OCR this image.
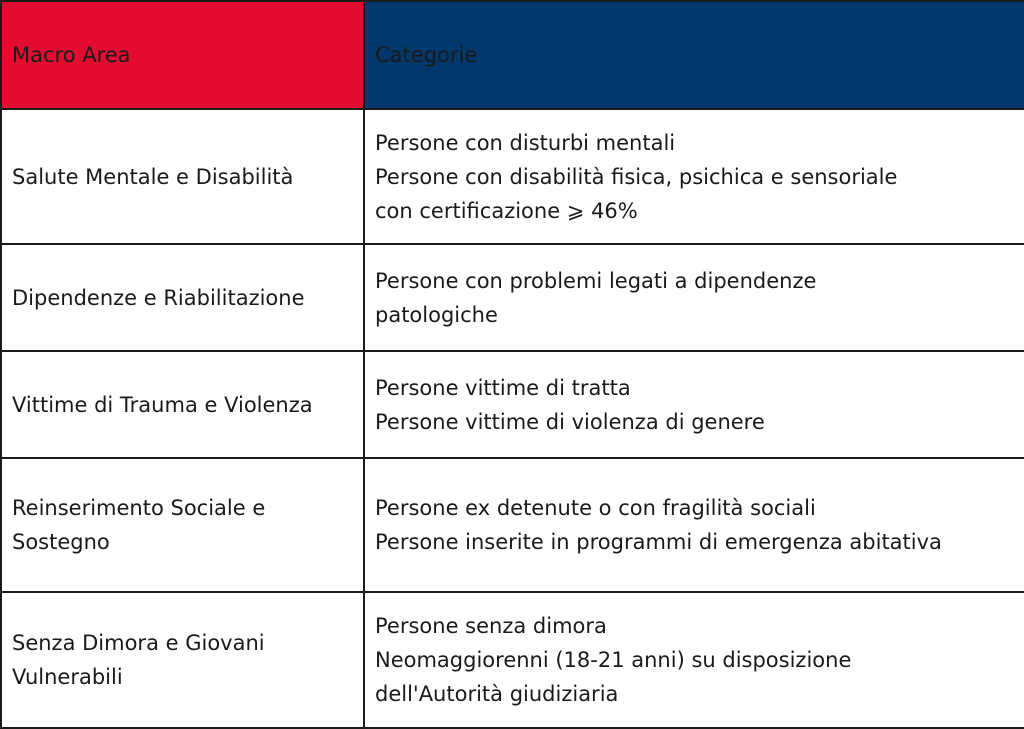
Macro Area	Categorie
Salute Mentale e Disabilità	Persone con disturbi mentali
Persone con disabilità fisica, psichica e sensoriale
con certificazione ⩾ 46%

Dipendenze e Riabilitazione	Persone con problemi legati a dipendenze
patologiche

Vittime di Trauma e Violenza	Persone vittime di tratta
Persone vittime di violenza di genere

Reinserimento Sociale e
Sostegno	Persone ex detenute o con fragilità sociali
Persone inserite in programmi di emergenza abitativa

Senza Dimora e Giovani
Vulnerabili	Persone senza dimora
Neomaggiorenni (18-21 anni) su disposizione
dell'Autorità giudiziaria
